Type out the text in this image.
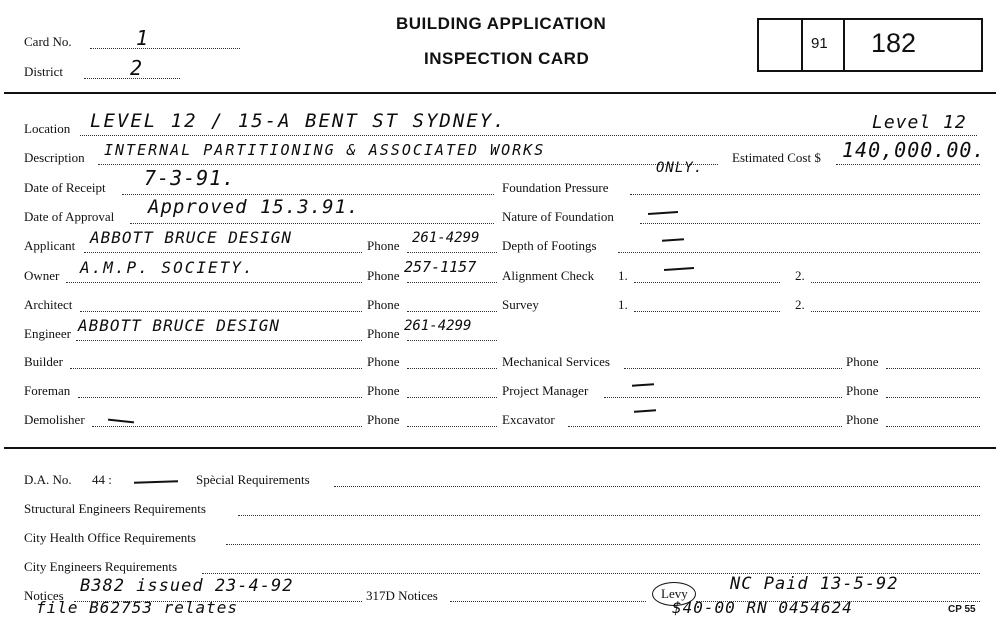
Card No.	1
District	2
BUILDING APPLICATION
INSPECTION CARD
91 182
Location LEVEL 12 / 15-A BENT ST SYDNEY.	Level 12
Description INTERNAL PARTITIONING & ASSOCIATED WORKS
ONLY.
Estimated Cost $ 140,000.00.
Date of Receipt 7-3-91.	Foundation Pressure
Date of Approval Approved 15.3.91.	Nature of Foundation
Applicant ABBOTT BRUCE DESIGN	Phone 261-4299 Depth of Footings
Owner A.M.P. SOCIETY.	Phone 257-1157 Alignment Check 1.	2.
Architect	Phone	Survey	1.	2.
Engineer ABBOTT BRUCE DESIGN	Phone 261-4299
Builder	Phone	Mechanical Services	Phone
Foreman	Phone	Project Manager	Phone
Demolisher	Phone	Excavator	Phone
D.A. No. 44 :	Spècial Requirements
Structural Engineers Requirements
City Health Office Requirements
City Engineers Requirements
Notices B382 issued 23-4-92
file B62753 relates
317D Notices	Levy NC Paid 13-5-92
$40-00 RN 0454624	CP 55
